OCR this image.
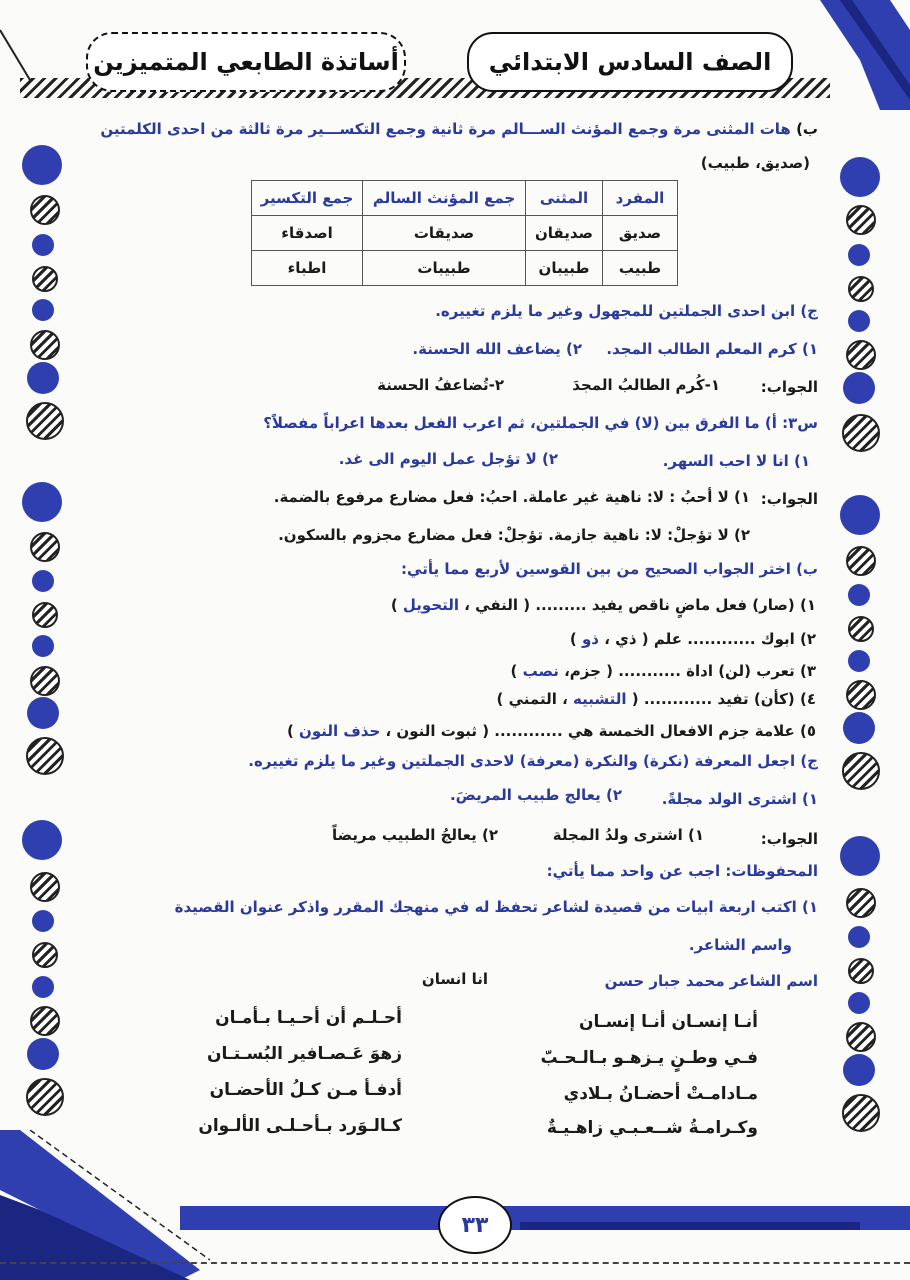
الصف السادس الابتدائي
أساتذة الطابعي المتميزين
ب) هات المثنى مرة وجمع المؤنث الســـالم مرة ثانية وجمع التكســـير مرة ثالثة من احدى الكلمتين
(صديق، طبيب)
المفرد	المثنى	جمع المؤنث السالم	جمع التكسير
صديق	صديقان	صديقات	اصدقاء
طبيب	طبيبان	طبيبات	اطباء
ج) ابن احدى الجملتين للمجهول وغير ما يلزم تغييره.
١) كرم المعلم الطالب المجد.
٢) يضاعف الله الحسنة.
الجواب:
١-كُرم الطالبُ المجدَ
٢-تُضاعفُ الحسنة
س٣: أ) ما الفرق بين (لا) في الجملتين، ثم اعرب الفعل بعدها اعراباً مفصلاً؟
١) انا لا احب السهر.
٢) لا تؤجل عمل اليوم الى غد.
الجواب:
١) لا أحبُ : لا: ناهية غير عاملة. احبُ: فعل مضارع مرفوع بالضمة.
٢) لا تؤجلْ: لا: ناهية جازمة. تؤجلْ: فعل مضارع مجزوم بالسكون.
ب) اختر الجواب الصحيح من بين القوسين لأربع مما يأتي:
١) (صار) فعل ماضٍ ناقص يفيد ......... ( النفي ، التحويل )
٢) ابوك ............ علم ( ذي ، ذو )
٣) تعرب (لن) اداة ........... ( جزم، نصب )
٤) (كأن) تفيد ............ ( التشبيه ، التمني )
٥) علامة جزم الافعال الخمسة هي ............ ( ثبوت النون ، حذف النون )
ج) اجعل المعرفة (نكرة) والنكرة (معرفة) لاحدى الجملتين وغير ما يلزم تغييره.
١) اشترى الولد مجلةً.
٢) يعالج طبيب المريضَ.
الجواب:
١) اشترى ولدُ المجلة
٢) يعالجُ الطبيب مريضاً
المحفوظات: اجب عن واحد مما يأتي:
١) اكتب اربعة ابيات من قصيدة لشاعر تحفظ له في منهجك المقرر واذكر عنوان القصيدة
واسم الشاعر.
اسم الشاعر محمد جبار حسن
انا انسان
أنـا إنسـان أنـا إنسـان
فـي وطـنٍ يـزهـو بـالـحـبّ
مـادامـتْ أحضـانُ بـلادي
وكـرامـةُ شــعـبـي زاهـيـةٌ
أحـلـم أن أحـيـا بـأمـان
زهوَ عَـصـافير البُسـتـان
أدفـأ مـن كـلُ الأحضـان
كـالـوَرد بـأحـلـى الألـوان
٣٣
